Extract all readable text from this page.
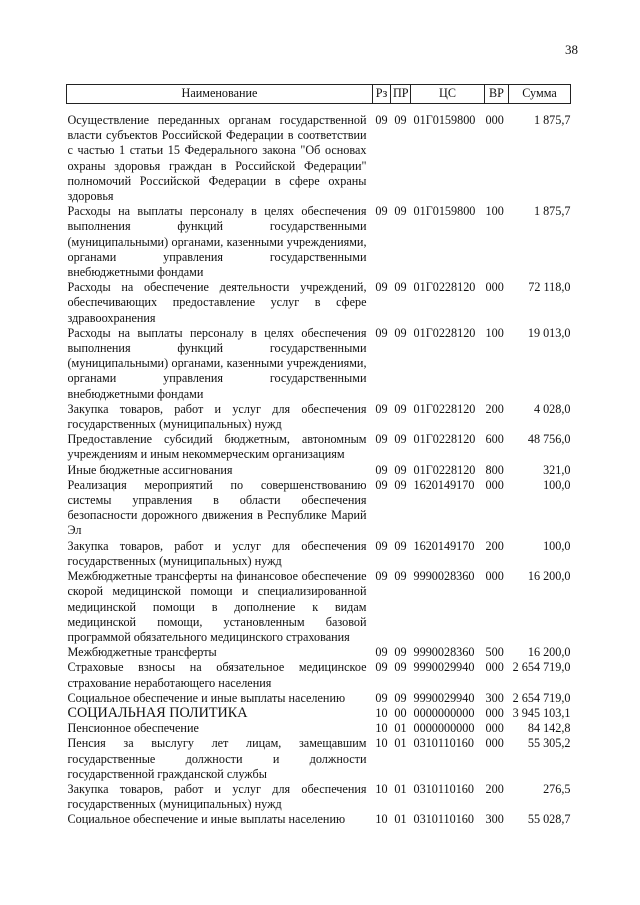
38
Наименование	Рз	ПР	ЦС	ВР	Сумма
Осуществление переданных органам государственной власти субъектов Российской Федерации в соответствии с частью 1 статьи 15 Федерального закона "Об основах охраны здоровья граждан в Российской Федерации" полномочий Российской Федерации в сфере охраны здоровья	09	09	01Г0159800	000	1 875,7
Расходы на выплаты персоналу в целях обеспечения выполнения функций государственными (муниципальными) органами, казенными учреждениями, органами управления государственными внебюджетными фондами	09	09	01Г0159800	100	1 875,7
Расходы на обеспечение деятельности учреждений, обеспечивающих предоставление услуг в сфере здравоохранения	09	09	01Г0228120	000	72 118,0
Расходы на выплаты персоналу в целях обеспечения выполнения функций государственными (муниципальными) органами, казенными учреждениями, органами управления государственными внебюджетными фондами	09	09	01Г0228120	100	19 013,0
Закупка товаров, работ и услуг для обеспечения государственных (муниципальных) нужд	09	09	01Г0228120	200	4 028,0
Предоставление субсидий бюджетным, автономным учреждениям и иным некоммерческим организациям	09	09	01Г0228120	600	48 756,0
Иные бюджетные ассигнования	09	09	01Г0228120	800	321,0
Реализация мероприятий по совершенствованию системы управления в области обеспечения безопасности дорожного движения в Республике Марий Эл	09	09	1620149170	000	100,0
Закупка товаров, работ и услуг для обеспечения государственных (муниципальных) нужд	09	09	1620149170	200	100,0
Межбюджетные трансферты на финансовое обеспечение скорой медицинской помощи и специализированной медицинской помощи в дополнение к видам медицинской помощи, установленным базовой программой обязательного медицинского страхования	09	09	9990028360	000	16 200,0
Межбюджетные трансферты	09	09	9990028360	500	16 200,0
Страховые взносы на обязательное медицинское страхование неработающего населения	09	09	9990029940	000	2 654 719,0
Социальное обеспечение и иные выплаты населению	09	09	9990029940	300	2 654 719,0
СОЦИАЛЬНАЯ ПОЛИТИКА	10	00	0000000000	000	3 945 103,1
Пенсионное обеспечение	10	01	0000000000	000	84 142,8
Пенсия за выслугу лет лицам, замещавшим государственные должности и должности государственной гражданской службы	10	01	0310110160	000	55 305,2
Закупка товаров, работ и услуг для обеспечения государственных (муниципальных) нужд	10	01	0310110160	200	276,5
Социальное обеспечение и иные выплаты населению	10	01	0310110160	300	55 028,7
